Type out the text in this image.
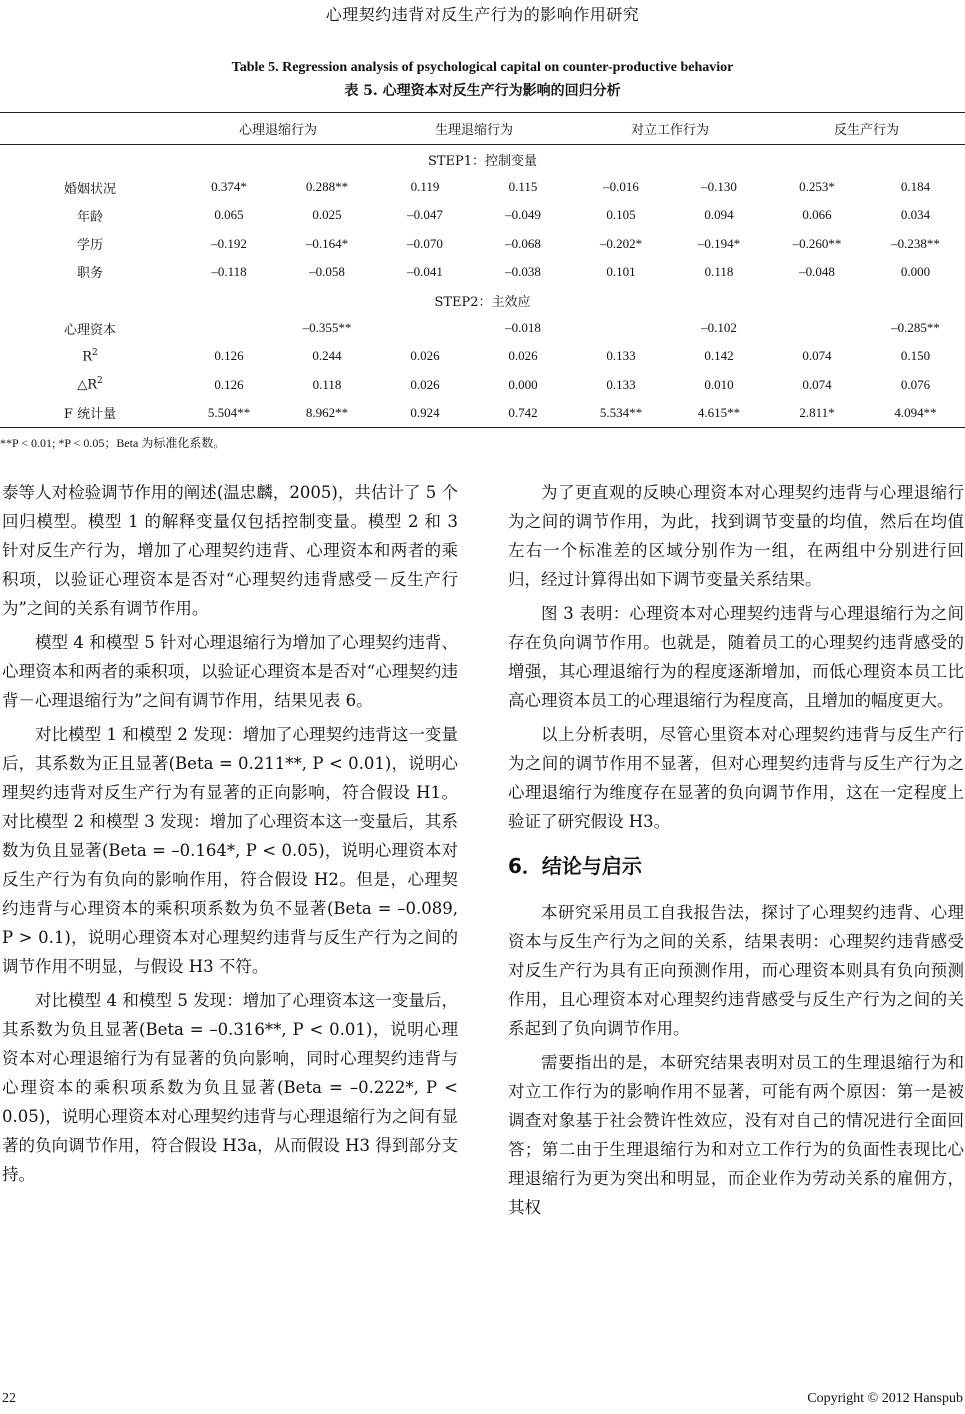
心理契约违背对反生产行为的影响作用研究
Table 5. Regression analysis of psychological capital on counter-productive behavior
表 5. 心理资本对反生产行为影响的回归分析
	心理退缩行为		生理退缩行为		对立工作行为		反生产行为	
STEP1：控制变量								
婚姻状况	0.374*	0.288**	0.119	0.115	–0.016	–0.130	0.253*	0.184
年龄	0.065	0.025	–0.047	–0.049	0.105	0.094	0.066	0.034
学历	–0.192	–0.164*	–0.070	–0.068	–0.202*	–0.194*	–0.260**	–0.238**
职务	–0.118	–0.058	–0.041	–0.038	0.101	0.118	–0.048	0.000
STEP2：主效应								
心理资本		–0.355**		–0.018		–0.102		–0.285**
$R^2$	0.126	0.244	0.026	0.026	0.133	0.142	0.074	0.150
$\triangle R^2$	0.126	0.118	0.026	0.000	0.133	0.010	0.074	0.076
F 统计量	5.504**	8.962**	0.924	0.742	5.534**	4.615**	2.811*	4.094**
**P < 0.01; *P < 0.05；Beta 为标准化系数。

泰等人对检验调节作用的阐述(温忠麟，2005)，共估计了 5 个回归模型。模型 1 的解释变量仅包括控制变量。模型 2 和 3 针对反生产行为，增加了心理契约违背、心理资本和两者的乘积项，以验证心理资本是否对“心理契约违背感受－反生产行为”之间的关系有调节作用。

模型 4 和模型 5 针对心理退缩行为增加了心理契约违背、心理资本和两者的乘积项，以验证心理资本是否对“心理契约违背－心理退缩行为”之间有调节作用，结果见表 6。

对比模型 1 和模型 2 发现：增加了心理契约违背这一变量后，其系数为正且显著(Beta = 0.211**, P < 0.01)，说明心理契约违背对反生产行为有显著的正向影响，符合假设 H1。对比模型 2 和模型 3 发现：增加了心理资本这一变量后，其系数为负且显著(Beta = –0.164*, P < 0.05)，说明心理资本对反生产行为有负向的影响作用，符合假设 H2。但是，心理契约违背与心理资本的乘积项系数为负不显著(Beta = –0.089, P > 0.1)，说明心理资本对心理契约违背与反生产行为之间的调节作用不明显，与假设 H3 不符。

对比模型 4 和模型 5 发现：增加了心理资本这一变量后，其系数为负且显著(Beta = –0.316**, P < 0.01)，说明心理资本对心理退缩行为有显著的负向影响，同时心理契约违背与心理资本的乘积项系数为负且显著(Beta = –0.222*, P < 0.05)，说明心理资本对心理契约违背与心理退缩行为之间有显著的负向调节作用，符合假设 H3a，从而假设 H3 得到部分支持。

为了更直观的反映心理资本对心理契约违背与心理退缩行为之间的调节作用，为此，找到调节变量的均值，然后在均值左右一个标准差的区域分别作为一组，在两组中分别进行回归，经过计算得出如下调节变量关系结果。

图 3 表明：心理资本对心理契约违背与心理退缩行为之间存在负向调节作用。也就是，随着员工的心理契约违背感受的增强，其心理退缩行为的程度逐渐增加，而低心理资本员工比高心理资本员工的心理退缩行为程度高，且增加的幅度更大。

以上分析表明，尽管心里资本对心理契约违背与反生产行为之间的调节作用不显著，但对心理契约违背与反生产行为之心理退缩行为维度存在显著的负向调节作用，这在一定程度上验证了研究假设 H3。

6．结论与启示

本研究采用员工自我报告法，探讨了心理契约违背、心理资本与反生产行为之间的关系，结果表明：心理契约违背感受对反生产行为具有正向预测作用，而心理资本则具有负向预测作用，且心理资本对心理契约违背感受与反生产行为之间的关系起到了负向调节作用。

需要指出的是，本研究结果表明对员工的生理退缩行为和对立工作行为的影响作用不显著，可能有两个原因：第一是被调查对象基于社会赞许性效应，没有对自己的情况进行全面回答；第二由于生理退缩行为和对立工作行为的负面性表现比心理退缩行为更为突出和明显，而企业作为劳动关系的雇佣方，其权

22	Copyright © 2012 Hanspub
